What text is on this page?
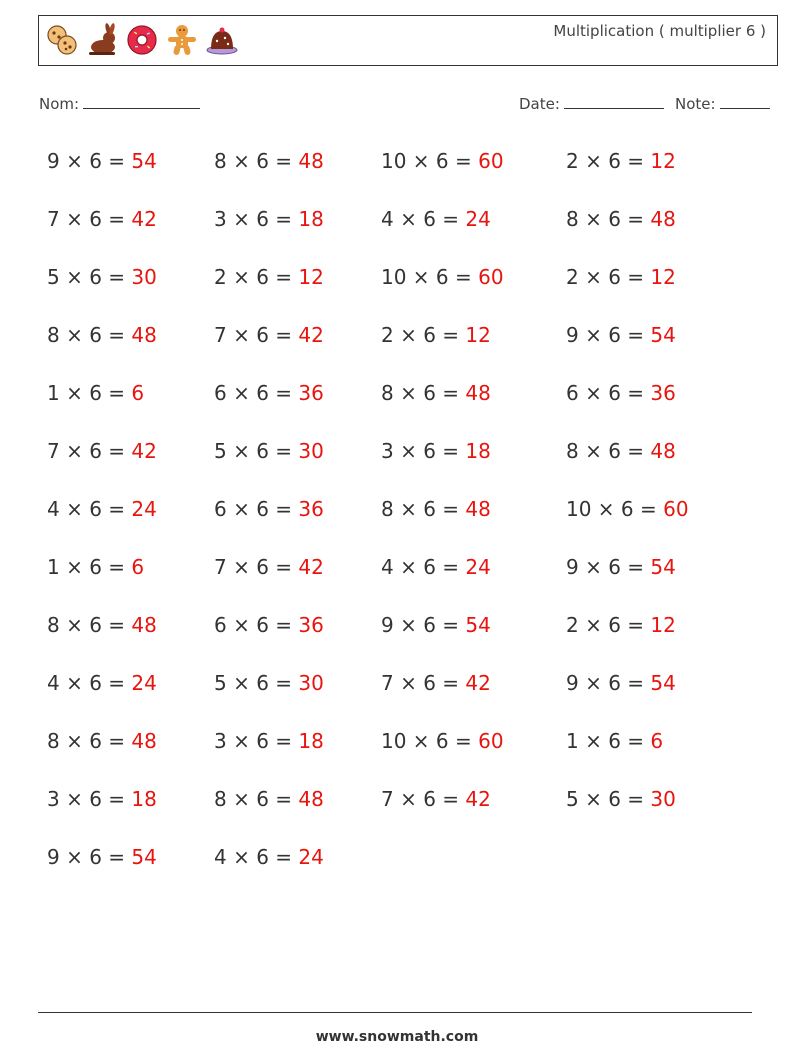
Multiplication ( multiplier 6 )
Nom:	Date:	Note:
9 × 6 = 54	8 × 6 = 48	10 × 6 = 60	2 × 6 = 12
7 × 6 = 42	3 × 6 = 18	4 × 6 = 24	8 × 6 = 48
5 × 6 = 30	2 × 6 = 12	10 × 6 = 60	2 × 6 = 12
8 × 6 = 48	7 × 6 = 42	2 × 6 = 12	9 × 6 = 54
1 × 6 = 6	6 × 6 = 36	8 × 6 = 48	6 × 6 = 36
7 × 6 = 42	5 × 6 = 30	3 × 6 = 18	8 × 6 = 48
4 × 6 = 24	6 × 6 = 36	8 × 6 = 48	10 × 6 = 60
1 × 6 = 6	7 × 6 = 42	4 × 6 = 24	9 × 6 = 54
8 × 6 = 48	6 × 6 = 36	9 × 6 = 54	2 × 6 = 12
4 × 6 = 24	5 × 6 = 30	7 × 6 = 42	9 × 6 = 54
8 × 6 = 48	3 × 6 = 18	10 × 6 = 60	1 × 6 = 6
3 × 6 = 18	8 × 6 = 48	7 × 6 = 42	5 × 6 = 30
9 × 6 = 54	4 × 6 = 24
www.snowmath.com
